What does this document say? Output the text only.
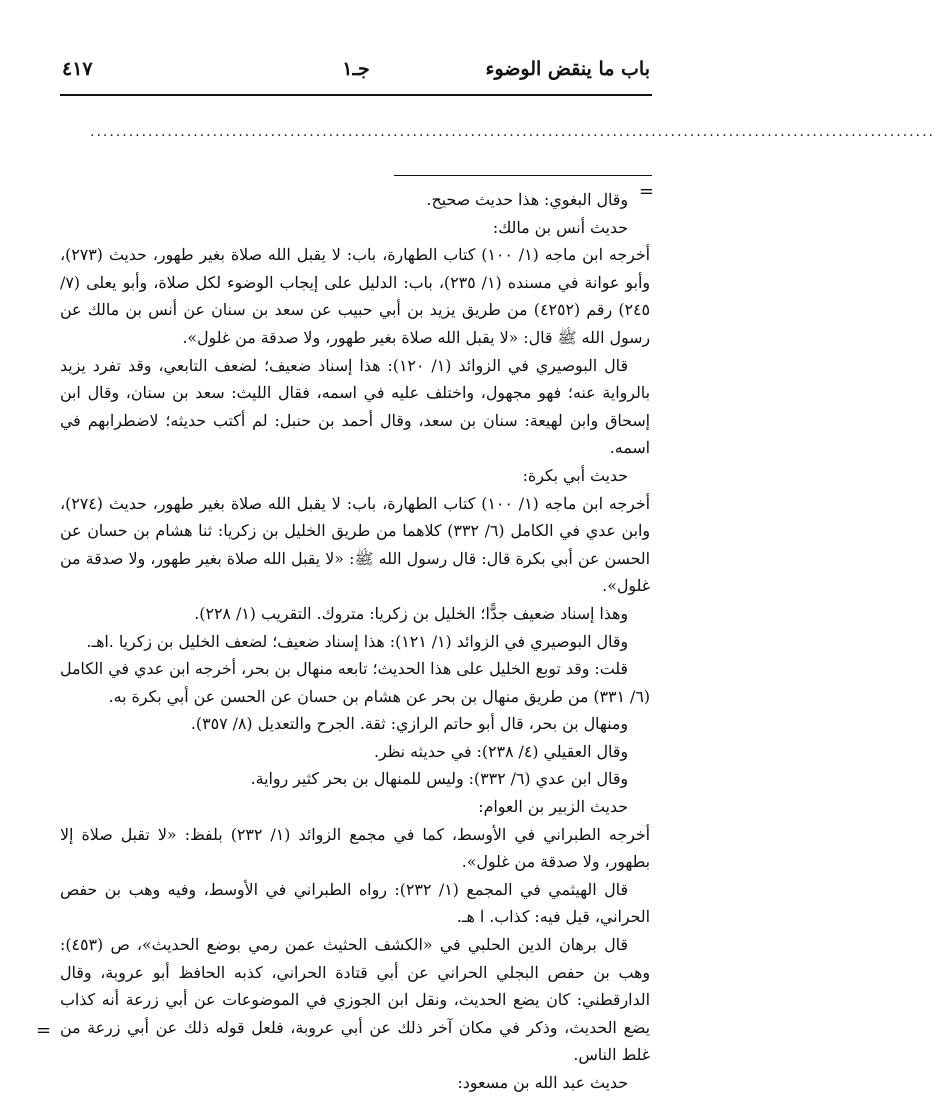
باب ما ينقض الوضوء
جـ١
٤١٧
...................................................................................................................................
=

وقال البغوي: هذا حديث صحيح.

حديث أنس بن مالك:

أخرجه ابن ماجه (١/ ١٠٠) كتاب الطهارة، باب: لا يقبل الله صلاة بغير طهور، حديث (٢٧٣)، وأبو عوانة في مسنده (١/ ٢٣٥)، باب: الدليل على إيجاب الوضوء لكل صلاة، وأبو يعلى (٧/ ٢٤٥) رقم (٤٢٥٢) من طريق يزيد بن أبي حبيب عن سعد بن سنان عن أنس بن مالك عن رسول الله ﷺ قال: «لا يقبل الله صلاة بغير طهور، ولا صدقة من غلول».

قال البوصيري في الزوائد (١/ ١٢٠): هذا إسناد ضعيف؛ لضعف التابعي، وقد تفرد يزيد بالرواية عنه؛ فهو مجهول، واختلف عليه في اسمه، فقال الليث: سعد بن سنان، وقال ابن إسحاق وابن لهيعة: سنان بن سعد، وقال أحمد بن حنبل: لم أكتب حديثه؛ لاضطرابهم في اسمه.

حديث أبي بكرة:

أخرجه ابن ماجه (١/ ١٠٠) كتاب الطهارة، باب: لا يقبل الله صلاة بغير طهور، حديث (٢٧٤)، وابن عدي في الكامل (٦/ ٣٣٢) كلاهما من طريق الخليل بن زكريا: ثنا هشام بن حسان عن الحسن عن أبي بكرة قال: قال رسول الله ﷺ: «لا يقبل الله صلاة بغير طهور، ولا صدقة من غلول».

وهذا إسناد ضعيف جدًّا؛ الخليل بن زكريا: متروك. التقريب (١/ ٢٢٨).

وقال البوصيري في الزوائد (١/ ١٢١): هذا إسناد ضعيف؛ لضعف الخليل بن زكريا .اهـ.

قلت: وقد توبع الخليل على هذا الحديث؛ تابعه منهال بن بحر، أخرجه ابن عدي في الكامل (٦/ ٣٣١) من طريق منهال بن بحر عن هشام بن حسان عن الحسن عن أبي بكرة به.

ومنهال بن بحر، قال أبو حاتم الرازي: ثقة. الجرح والتعديل (٨/ ٣٥٧).

وقال العقيلي (٤/ ٢٣٨): في حديثه نظر.

وقال ابن عدي (٦/ ٣٣٢): وليس للمنهال بن بحر كثير رواية.

حديث الزبير بن العوام:

أخرجه الطبراني في الأوسط، كما في مجمع الزوائد (١/ ٢٣٢) بلفظ: «لا تقبل صلاة إلا بطهور، ولا صدقة من غلول».

قال الهيثمي في المجمع (١/ ٢٣٢): رواه الطبراني في الأوسط، وفيه وهب بن حفص الحراني، قيل فيه: كذاب. ا هـ.

قال برهان الدين الحلبي في «الكشف الحثيث عمن رمي بوضع الحديث»، ص (٤٥٣): وهب بن حفص البجلي الحراني عن أبي قتادة الحراني، كذبه الحافظ أبو عروبة، وقال الدارقطني: كان يضع الحديث، ونقل ابن الجوزي في الموضوعات عن أبي زرعة أنه كذاب يضع الحديث، وذكر في مكان آخر ذلك عن أبي عروبة، فلعل قوله ذلك عن أبي زرعة من غلط الناس.

حديث عبد الله بن مسعود:

=
